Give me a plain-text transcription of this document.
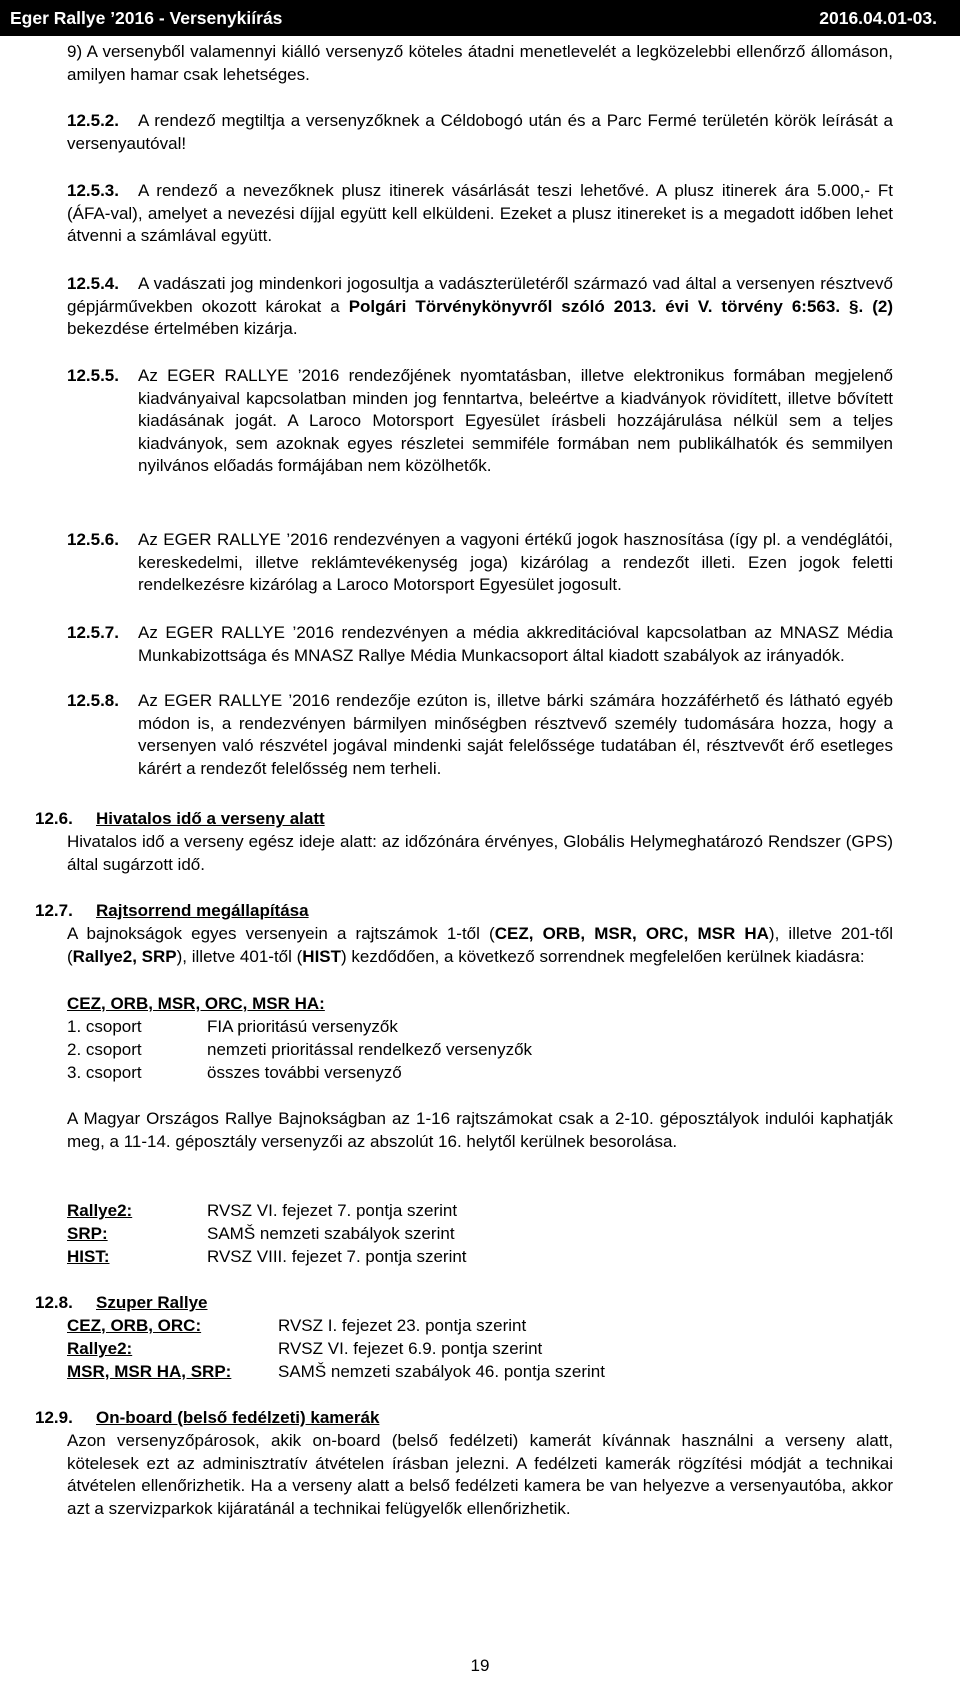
Eger Rallye ’2016 - Versenykiírás	2016.04.01-03.
9) A versenyből valamennyi kiálló versenyző köteles átadni menetlevelét a legközelebbi ellenőrző állomáson, amilyen hamar csak lehetséges.
12.5.2.	A rendező megtiltja a versenyzőknek a Céldobogó után és a Parc Fermé területén körök leírását a versenyautóval!
12.5.3.	A rendező a nevezőknek plusz itinerek vásárlását teszi lehetővé. A plusz itinerek ára 5.000,- Ft (ÁFA-val), amelyet a nevezési díjjal együtt kell elküldeni. Ezeket a plusz itinereket is a megadott időben lehet átvenni a számlával együtt.
12.5.4.	A vadászati jog mindenkori jogosultja a vadászterületéről származó vad által a versenyen résztvevő gépjárművekben okozott károkat a Polgári Törvénykönyvről szóló 2013. évi V. törvény 6:563. §. (2) bekezdése értelmében kizárja.
12.5.5. Az EGER RALLYE ’2016 rendezőjének nyomtatásban, illetve elektronikus formában megjelenő kiadványaival kapcsolatban minden jog fenntartva, beleértve a kiadványok rövidített, illetve bővített kiadásának jogát. A Laroco Motorsport Egyesület írásbeli hozzájárulása nélkül sem a teljes kiadványok, sem azoknak egyes részletei semmiféle formában nem publikálhatók és semmilyen nyilvános előadás formájában nem közölhetők.
12.5.6. Az EGER RALLYE ’2016 rendezvényen a vagyoni értékű jogok hasznosítása (így pl. a vendéglátói, kereskedelmi, illetve reklámtevékenység joga) kizárólag a rendezőt illeti. Ezen jogok feletti rendelkezésre kizárólag a Laroco Motorsport Egyesület jogosult.
12.5.7. Az EGER RALLYE ’2016 rendezvényen a média akkreditációval kapcsolatban az MNASZ Média Munkabizottsága és MNASZ Rallye Média Munkacsoport által kiadott szabályok az irányadók.
12.5.8. Az EGER RALLYE ’2016 rendezője ezúton is, illetve bárki számára hozzáférhető és látható egyéb módon is, a rendezvényen bármilyen minőségben résztvevő személy tudomására hozza, hogy a versenyen való részvétel jogával mindenki saját felelőssége tudatában él, résztvevőt érő esetleges kárért a rendezőt felelősség nem terheli.
12.6. Hivatalos idő a verseny alatt
Hivatalos idő a verseny egész ideje alatt: az időzónára érvényes, Globális Helymeghatározó Rendszer (GPS) által sugárzott idő.
12.7. Rajtsorrend megállapítása
A bajnokságok egyes versenyein a rajtszámok 1-től (CEZ, ORB, MSR, ORC, MSR HA), illetve 201-től (Rallye2, SRP), illetve 401-től (HIST) kezdődően, a következő sorrendnek megfelelően kerülnek kiadásra:
CEZ, ORB, MSR, ORC, MSR HA:
1. csoport	FIA prioritású versenyzők
2. csoport	nemzeti prioritással rendelkező versenyzők
3. csoport	összes további versenyző
A Magyar Országos Rallye Bajnokságban az 1-16 rajtszámokat csak a 2-10. géposztályok indulói kaphatják meg, a 11-14. géposztály versenyzői az abszolút 16. helytől kerülnek besorolása.
Rallye2:	RVSZ VI. fejezet 7. pontja szerint
SRP:	SAMŠ nemzeti szabályok szerint
HIST:	RVSZ VIII. fejezet 7. pontja szerint
12.8. Szuper Rallye
CEZ, ORB, ORC:	RVSZ I. fejezet 23. pontja szerint
Rallye2:	RVSZ VI. fejezet 6.9. pontja szerint
MSR, MSR HA, SRP:	SAMŠ nemzeti szabályok 46. pontja szerint
12.9. On-board (belső fedélzeti) kamerák
Azon versenyzőpárosok, akik on-board (belső fedélzeti) kamerát kívánnak használni a verseny alatt, kötelesek ezt az adminisztratív átvételen írásban jelezni. A fedélzeti kamerák rögzítési módját a technikai átvételen ellenőrizhetik. Ha a verseny alatt a belső fedélzeti kamera be van helyezve a versenyautóba, akkor azt a szervizparkok kijáratánál a technikai felügyelők ellenőrizhetik.
19
